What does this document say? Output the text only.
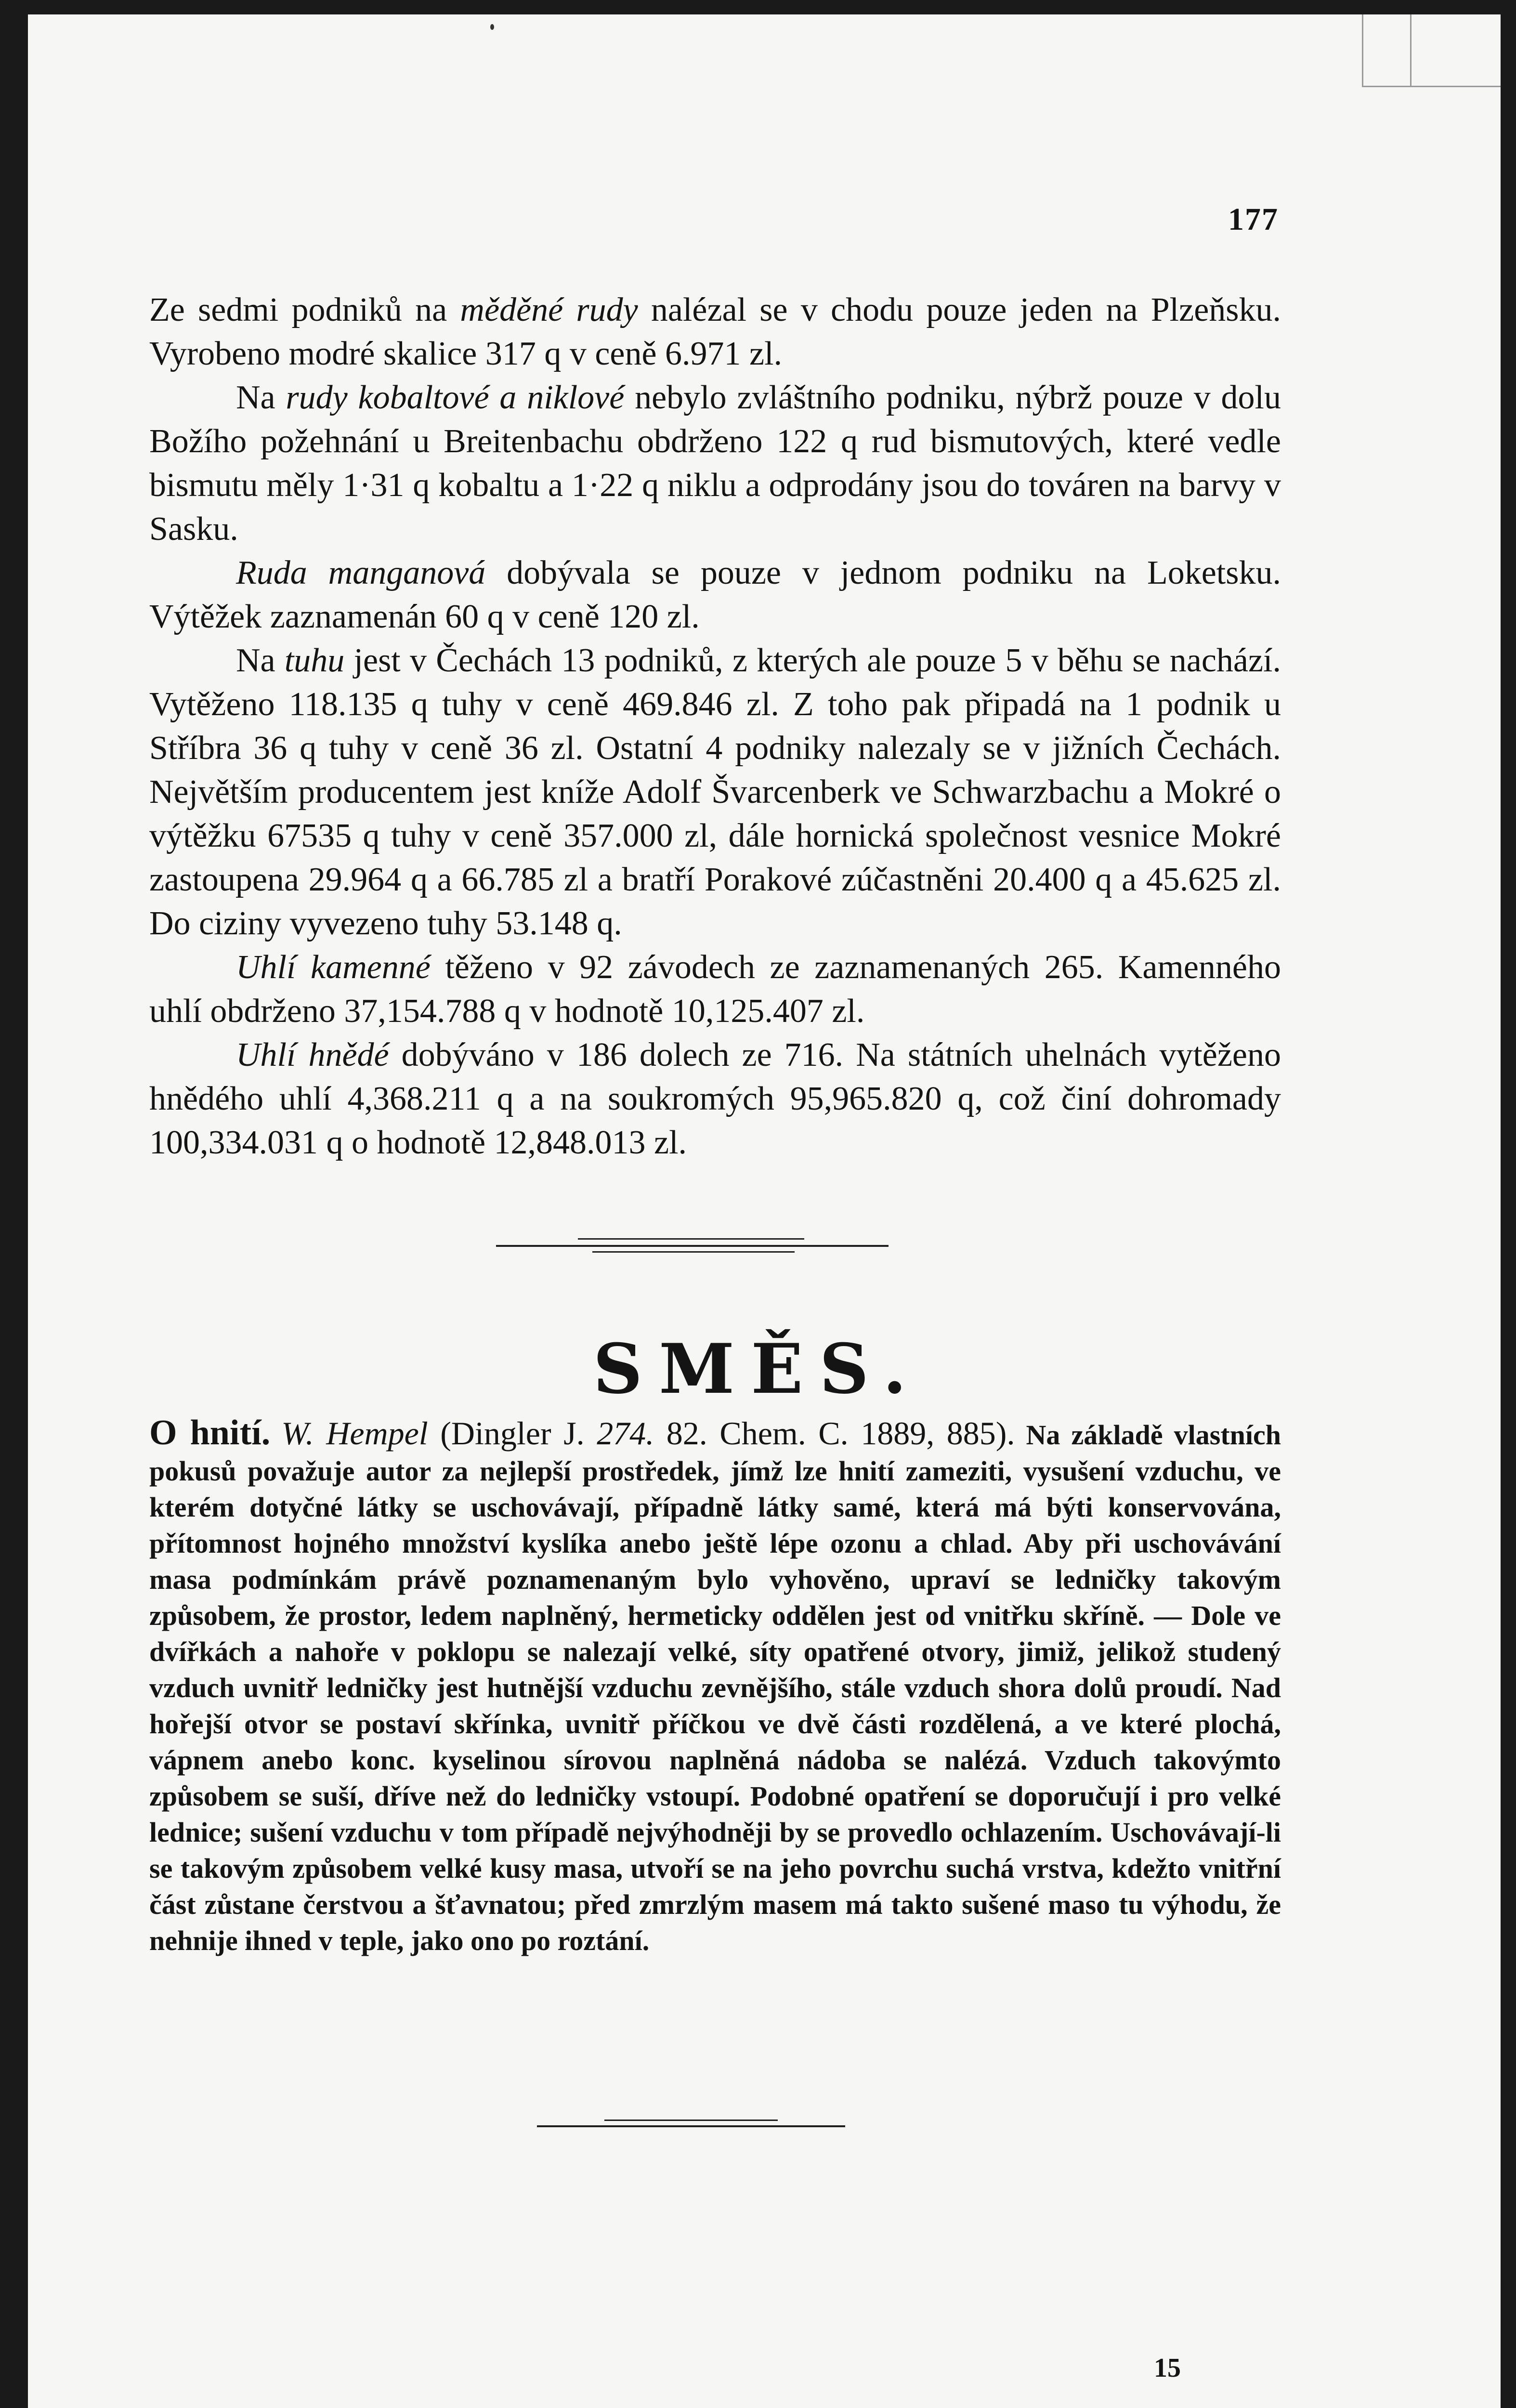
177

Ze sedmi podniků na měděné rudy nalézal se v chodu pouze jeden na Plzeňsku. Vyrobeno modré skalice 317 q v ceně 6.971 zl.

Na rudy kobaltové a niklové nebylo zvláštního podniku, nýbrž pouze v dolu Božího požehnání u Breitenbachu obdrženo 122 q rud bismutových, které vedle bismutu měly 1·31 q kobaltu a 1·22 q niklu a odprodány jsou do továren na barvy v Sasku.

Ruda manganová dobývala se pouze v jednom podniku na Loketsku. Výtěžek zaznamenán 60 q v ceně 120 zl.

Na tuhu jest v Čechách 13 podniků, z kterých ale pouze 5 v běhu se nachází. Vytěženo 118.135 q tuhy v ceně 469.846 zl. Z toho pak připadá na 1 podnik u Stříbra 36 q tuhy v ceně 36 zl. Ostatní 4 podniky nalezaly se v jižních Čechách. Největším producentem jest kníže Adolf Švarcenberk ve Schwarzbachu a Mokré o výtěžku 67535 q tuhy v ceně 357.000 zl, dále hornická společnost vesnice Mokré zastoupena 29.964 q a 66.785 zl a bratří Porakové zúčastněni 20.400 q a 45.625 zl. Do ciziny vyvezeno tuhy 53.148 q.

Uhlí kamenné těženo v 92 závodech ze zaznamenaných 265. Kamenného uhlí obdrženo 37,154.788 q v hodnotě 10,125.407 zl.

Uhlí hnědé dobýváno v 186 dolech ze 716. Na státních uhelnách vytěženo hnědého uhlí 4,368.211 q a na soukromých 95,965.820 q, což činí dohromady 100,334.031 q o hodnotě 12,848.013 zl.

SMĚS.

O hnití. W. Hempel (Dingler J. 274. 82. Chem. C. 1889, 885). Na základě vlastních pokusů považuje autor za nejlepší prostředek, jímž lze hnití zameziti, vysušení vzduchu, ve kterém dotyčné látky se uschovávají, případně látky samé, která má býti konservována, přítomnost hojného množství kyslíka anebo ještě lépe ozonu a chlad. Aby při uschovávání masa podmínkám právě poznamenaným bylo vyhověno, upraví se ledničky takovým způsobem, že prostor, ledem naplněný, hermeticky oddělen jest od vnitřku skříně. — Dole ve dvířkách a nahoře v poklopu se nalezají velké, síty opatřené otvory, jimiž, jelikož studený vzduch uvnitř ledničky jest hutnější vzduchu zevnějšího, stále vzduch shora dolů proudí. Nad hořejší otvor se postaví skřínka, uvnitř příčkou ve dvě části rozdělená, a ve které plochá, vápnem anebo konc. kyselinou sírovou naplněná nádoba se nalézá. Vzduch takovýmto způsobem se suší, dříve než do ledničky vstoupí. Podobné opatření se doporučují i pro velké lednice; sušení vzduchu v tom případě nejvýhodněji by se provedlo ochlazením. Uschovávají-li se takovým způsobem velké kusy masa, utvoří se na jeho povrchu suchá vrstva, kdežto vnitřní část zůstane čerstvou a šťavnatou; před zmrzlým masem má takto sušené maso tu výhodu, že nehnije ihned v teple, jako ono po roztání.

15
